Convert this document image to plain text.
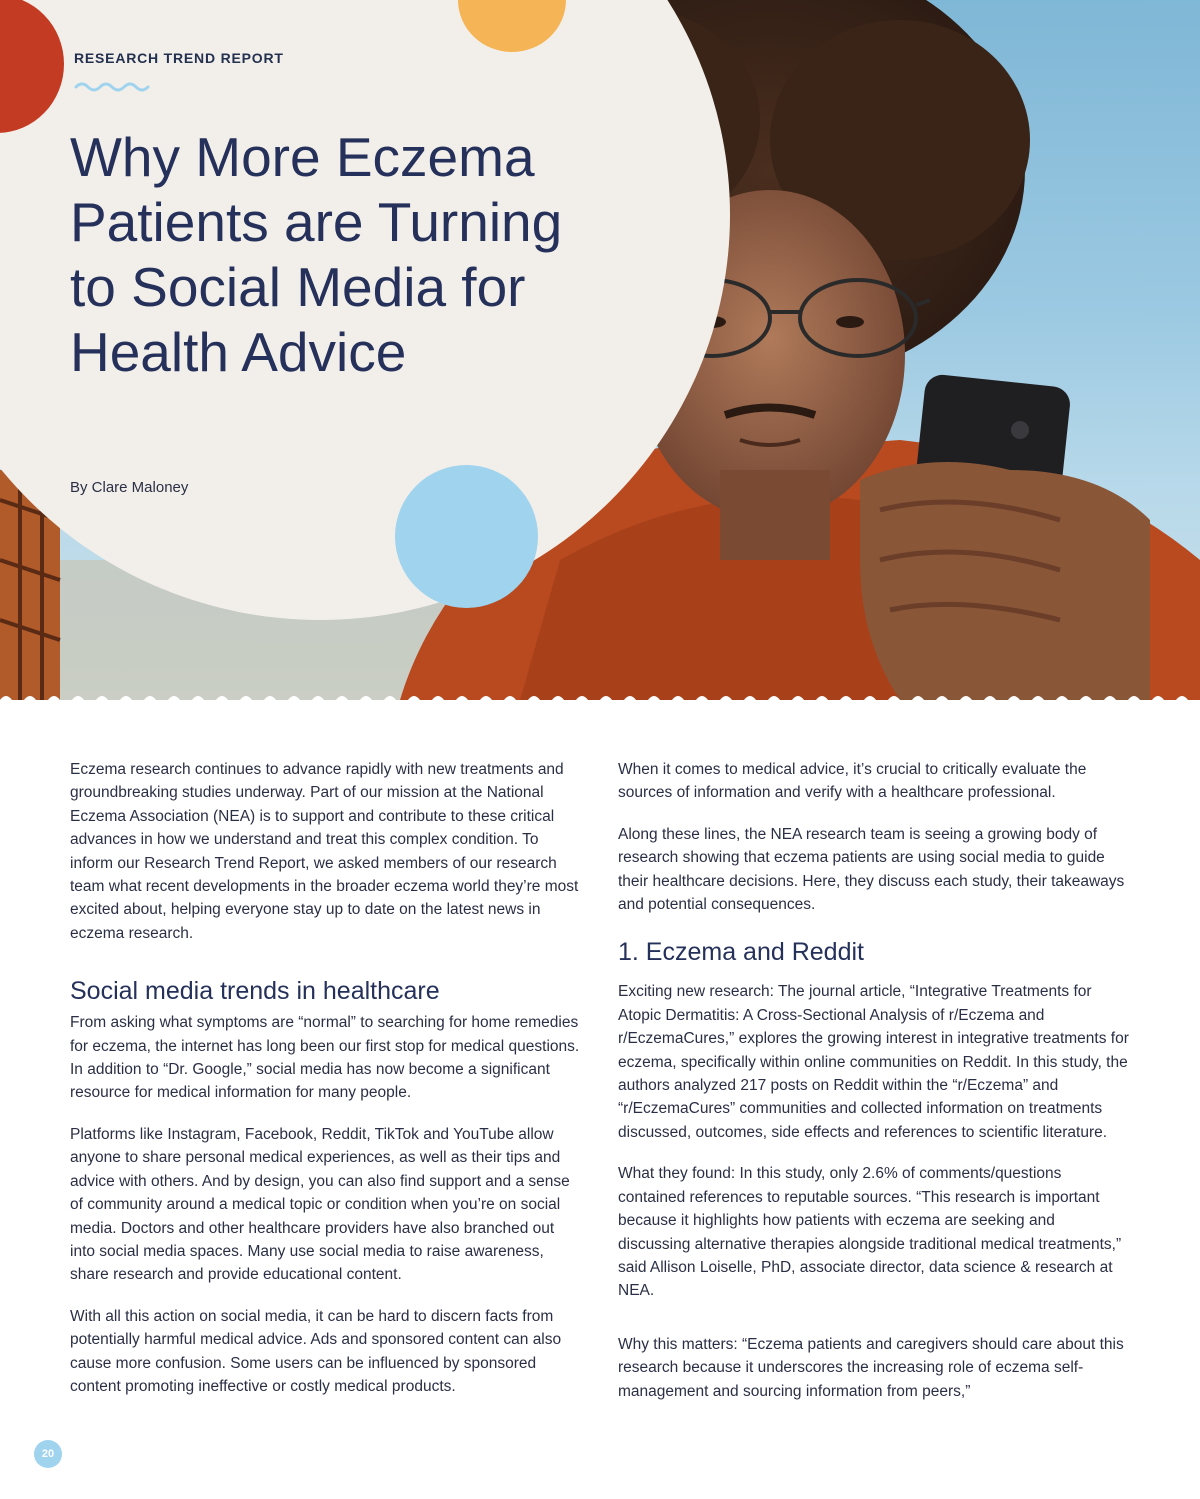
RESEARCH TREND REPORT

Why More Eczema Patients are Turning to Social Media for Health Advice

By Clare Maloney

Eczema research continues to advance rapidly with new treatments and groundbreaking studies underway. Part of our mission at the National Eczema Association (NEA) is to support and contribute to these critical advances in how we understand and treat this complex condition. To inform our Research Trend Report, we asked members of our research team what recent developments in the broader eczema world they’re most excited about, helping everyone stay up to date on the latest news in eczema research.

Social media trends in healthcare

From asking what symptoms are “normal” to searching for home remedies for eczema, the internet has long been our first stop for medical questions. In addition to “Dr. Google,” social media has now become a significant resource for medical information for many people.

Platforms like Instagram, Facebook, Reddit, TikTok and YouTube allow anyone to share personal medical experiences, as well as their tips and advice with others. And by design, you can also find support and a sense of community around a medical topic or condition when you’re on social media. Doctors and other healthcare providers have also branched out into social media spaces. Many use social media to raise awareness, share research and provide educational content.

With all this action on social media, it can be hard to discern facts from potentially harmful medical advice. Ads and sponsored content can also cause more confusion. Some users can be influenced by sponsored content promoting ineffective or costly medical products.

When it comes to medical advice, it’s crucial to critically evaluate the sources of information and verify with a healthcare professional.

Along these lines, the NEA research team is seeing a growing body of research showing that eczema patients are using social media to guide their healthcare decisions. Here, they discuss each study, their takeaways and potential consequences.

1. Eczema and Reddit

Exciting new research: The journal article, “Integrative Treatments for Atopic Dermatitis: A Cross-Sectional Analysis of r/Eczema and r/EczemaCures,” explores the growing interest in integrative treatments for eczema, specifically within online communities on Reddit. In this study, the authors analyzed 217 posts on Reddit within the “r/Eczema” and “r/EczemaCures” communities and collected information on treatments discussed, outcomes, side effects and references to scientific literature.

What they found: In this study, only 2.6% of comments/questions contained references to reputable sources. “This research is important because it highlights how patients with eczema are seeking and discussing alternative therapies alongside traditional medical treatments,” said Allison Loiselle, PhD, associate director, data science & research at NEA.

Why this matters: “Eczema patients and caregivers should care about this research because it underscores the increasing role of eczema self-management and sourcing information from peers,”

20
